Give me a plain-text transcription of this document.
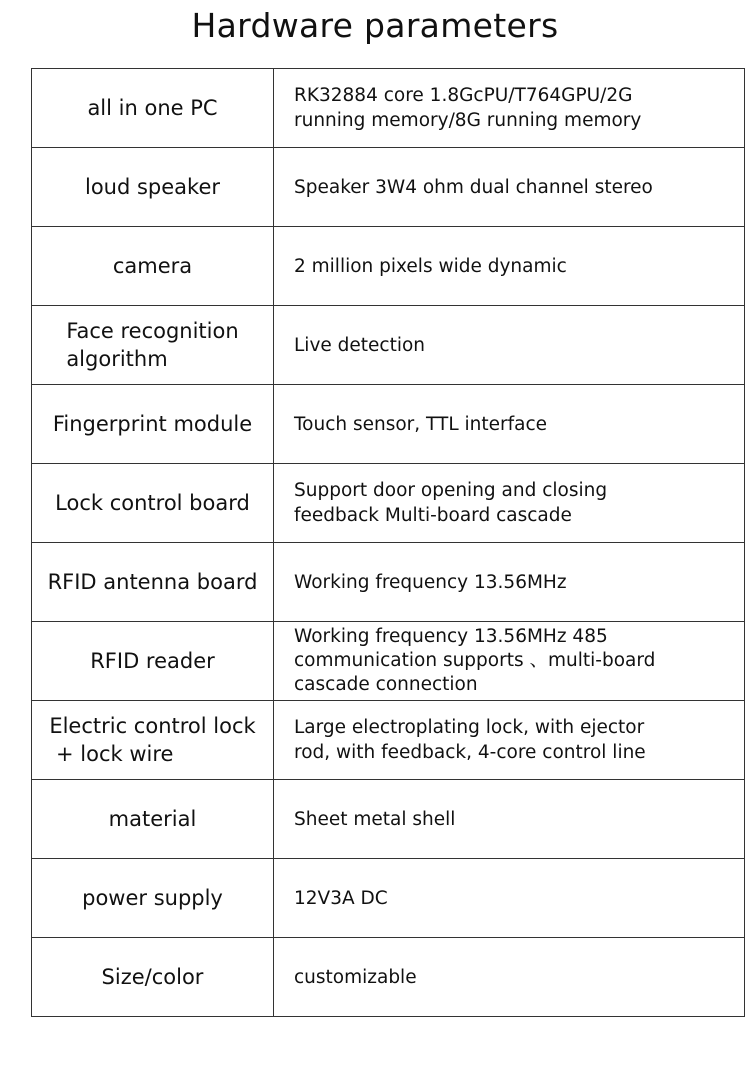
Hardware parameters
all in one PC	RK32884 core 1.8GcPU/T764GPU/2G
running memory/8G running memory

loud speaker	Speaker 3W4 ohm dual channel stereo

camera	2 million pixels wide dynamic

Face recognition
algorithm	Live detection

Fingerprint module	Touch sensor, TTL interface

Lock control board	Support door opening and closing
feedback Multi-board cascade

RFID antenna board	Working frequency 13.56MHz

RFID reader	Working frequency 13.56MHz 485
communication supports 、multi-board
cascade connection

Electric control lock
+ lock wire	Large electroplating lock, with ejector
rod, with feedback, 4-core control line

material	Sheet metal shell

power supply	12V3A DC

Size/color	customizable
